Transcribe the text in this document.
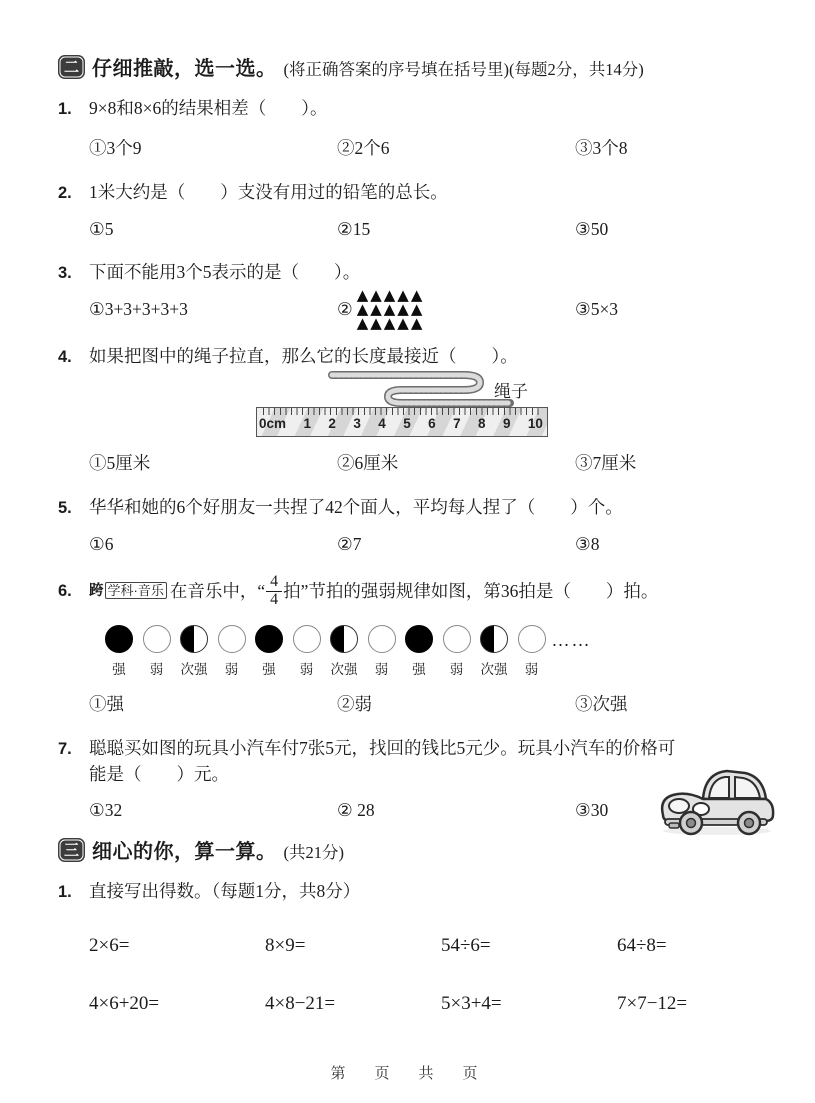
二 仔细推敲，选一选。 (将正确答案的序号填在括号里)(每题2分，共14分)
1. 9×8和8×6的结果相差（　　）。
①3个9	②2个6	③3个8
2. 1米大约是（　　）支没有用过的铅笔的总长。
①5	②15	③50
3. 下面不能用3个5表示的是（　　）。
①3+3+3+3+3	②
▲▲▲▲▲
▲▲▲▲▲
▲▲▲▲▲
③5×3
4. 如果把图中的绳子拉直，那么它的长度最接近（　　）。
绳子
0cm 1 2 3 4 5 6 7 8 9 10
①5厘米	②6厘米	③7厘米
5. 华华和她的6个好朋友一共捏了42个面人，平均每人捏了（　　）个。
①6	②7	③8
6.	跨 学科·音乐 在音乐中，“ $\frac{4}{4}$ 拍”节拍的强弱规律如图，第36拍是（　　）拍。
强 弱 次强 弱 强 弱 次强 弱 强 弱 次强 弱
……
①强	②弱	③次强
7. 聪聪买如图的玩具小汽车付7张5元，找回的钱比5元少。玩具小汽车的价格可能是（　　）元。
①32	② 28	③30
三 细心的你，算一算。 (共21分)
1. 直接写出得数。（每题1分，共8分）
2×6=	8×9=	54÷6=	64÷8=
4×6+20=	4×8−21=	5×3+4=	7×7−12=
第　页　共　页
